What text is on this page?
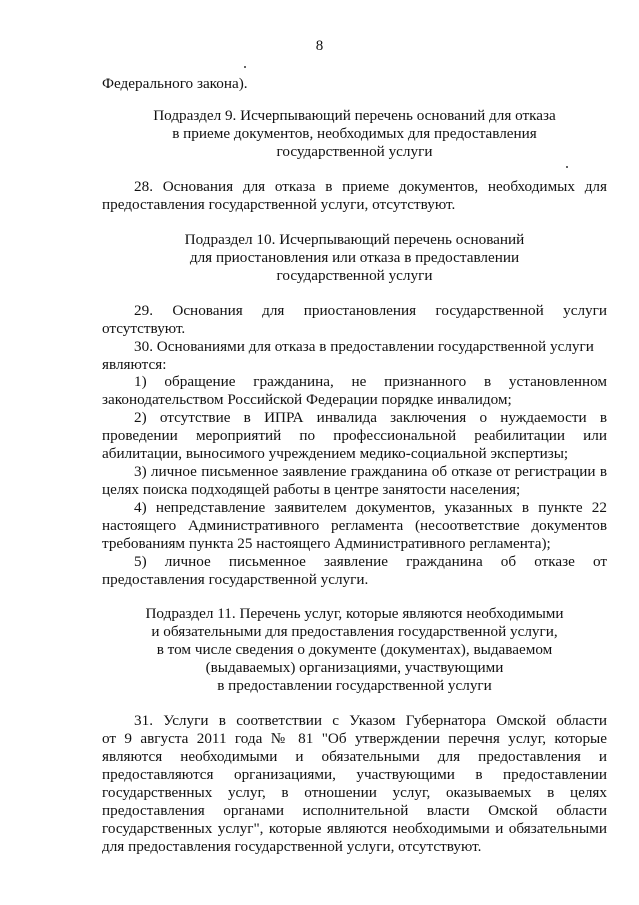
8
Федерального закона).
Подраздел 9. Исчерпывающий перечень оснований для отказа
в приеме документов, необходимых для предоставления
государственной услуги
28. Основания для отказа в приеме документов, необходимых для
предоставления государственной услуги, отсутствуют.
Подраздел 10. Исчерпывающий перечень оснований
для приостановления или отказа в предоставлении
государственной услуги
29. Основания для приостановления государственной услуги
отсутствуют.
30. Основаниями для отказа в предоставлении государственной услуги
являются:
1) обращение гражданина, не признанного в установленном
законодательством Российской Федерации порядке инвалидом;
2) отсутствие в ИПРА инвалида заключения о нуждаемости в
проведении мероприятий по профессиональной реабилитации или
абилитации, выносимого учреждением медико-социальной экспертизы;
3) личное письменное заявление гражданина об отказе от регистрации в
целях поиска подходящей работы в центре занятости населения;
4) непредставление заявителем документов, указанных в пункте 22
настоящего Административного регламента (несоответствие документов
требованиям пункта 25 настоящего Административного регламента);
5) личное письменное заявление гражданина об отказе от
предоставления государственной услуги.
Подраздел 11. Перечень услуг, которые являются необходимыми
и обязательными для предоставления государственной услуги,
в том числе сведения о документе (документах), выдаваемом
(выдаваемых) организациями, участвующими
в предоставлении государственной услуги
31. Услуги в соответствии с Указом Губернатора Омской области
от 9 августа 2011 года № 81 "Об утверждении перечня услуг, которые
являются необходимыми и обязательными для предоставления и
предоставляются организациями, участвующими в предоставлении
государственных услуг, в отношении услуг, оказываемых в целях
предоставления органами исполнительной власти Омской области
государственных услуг", которые являются необходимыми и обязательными
для предоставления государственной услуги, отсутствуют.
